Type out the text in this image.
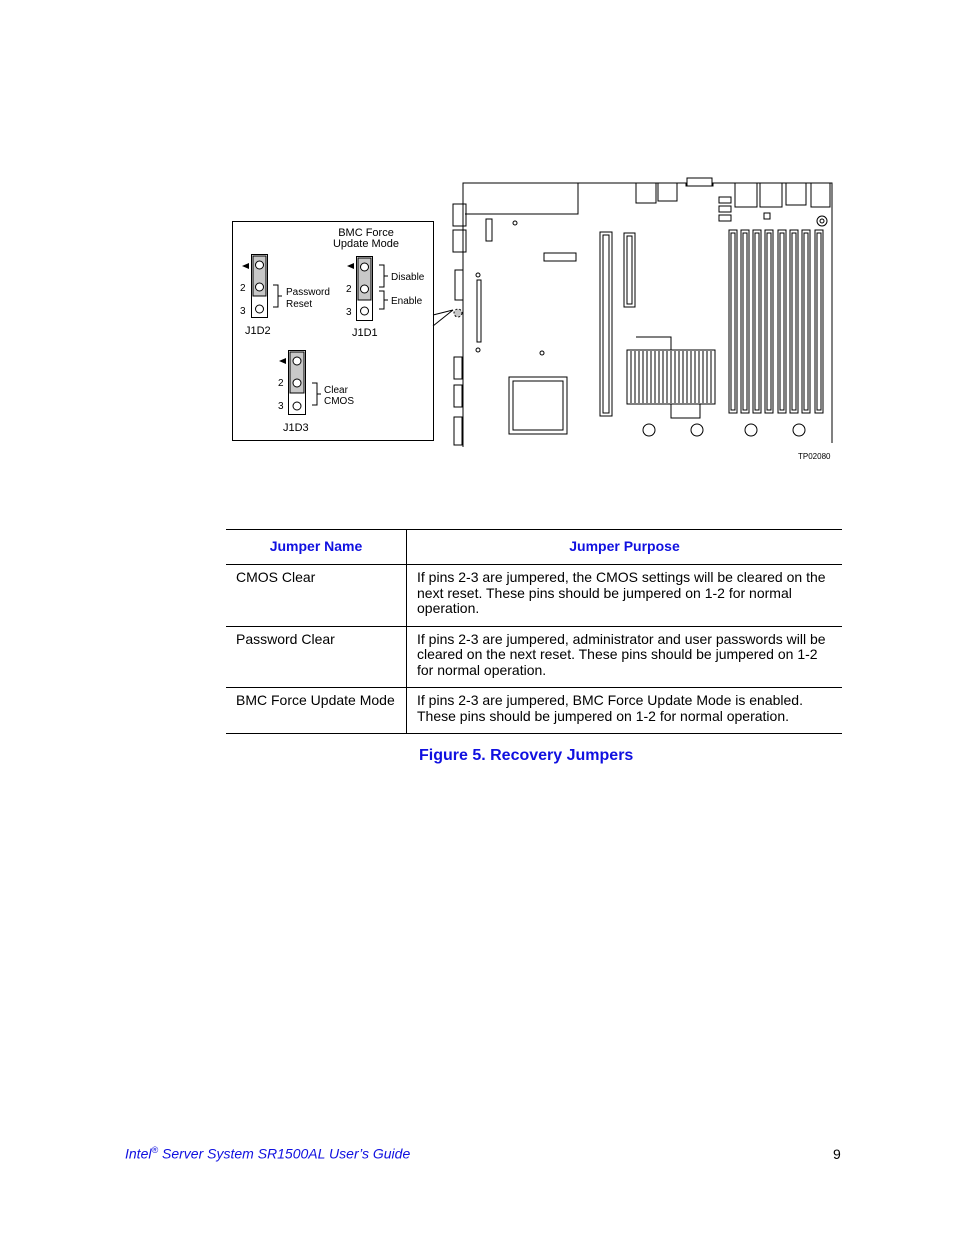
2
3
Password
Reset
J1D2
BMC Force
Update Mode
2
3
Disable
Enable
J1D1
2
3
Clear
CMOS
J1D3
TP02080
Jumper Name	Jumper Purpose
CMOS Clear	If pins 2-3 are jumpered, the CMOS settings will be cleared on the next reset. These pins should be jumpered on 1-2 for normal operation.
Password Clear	If pins 2-3 are jumpered, administrator and user passwords will be cleared on the next reset. These pins should be jumpered on 1-2 for normal operation.
BMC Force Update Mode	If pins 2-3 are jumpered, BMC Force Update Mode is enabled. These pins should be jumpered on 1-2 for normal operation.
Figure 5. Recovery Jumpers
Intel® Server System SR1500AL User’s Guide	9
